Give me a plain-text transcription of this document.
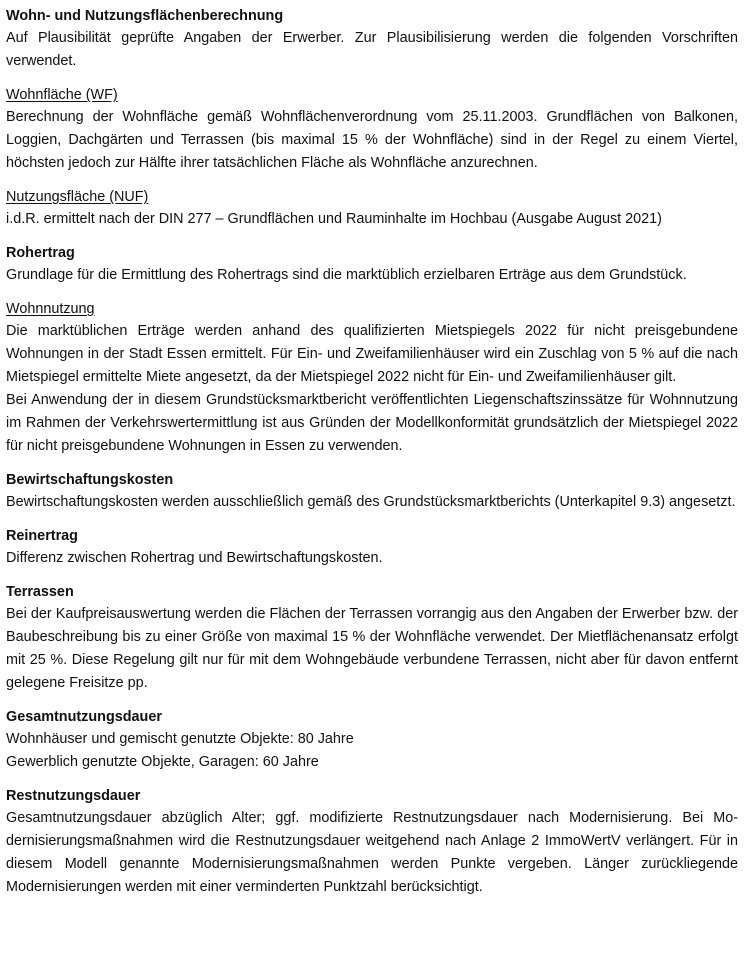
Wohn- und Nutzungsflächenberechnung

Auf Plausibilität geprüfte Angaben der Erwerber. Zur Plausibilisierung werden die folgenden Vorschriften verwendet.

Wohnfläche (WF)

Berechnung der Wohnfläche gemäß Wohnflächenverordnung vom 25.11.2003. Grundflächen von Balkonen, Loggien, Dachgärten und Terrassen (bis maximal 15 % der Wohnfläche) sind in der Regel zu einem Viertel, höchsten jedoch zur Hälfte ihrer tatsächlichen Fläche als Wohnfläche anzurechnen.

Nutzungsfläche (NUF)

i.d.R. ermittelt nach der DIN 277 – Grundflächen und Rauminhalte im Hochbau (Ausgabe August 2021)

Rohertrag

Grundlage für die Ermittlung des Rohertrags sind die marktüblich erzielbaren Erträge aus dem Grundstück.

Wohnnutzung

Die marktüblichen Erträge werden anhand des qualifizierten Mietspiegels 2022 für nicht preisgebundene Wohnungen in der Stadt Essen ermittelt. Für Ein- und Zweifamilienhäuser wird ein Zuschlag von 5 % auf die nach Mietspiegel ermittelte Miete angesetzt, da der Mietspiegel 2022 nicht für Ein- und Zweifamilienhäuser gilt.

Bei Anwendung der in diesem Grundstücksmarktbericht veröffentlichten Liegenschaftszinssätze für Wohnnutzung im Rahmen der Verkehrswertermittlung ist aus Gründen der Modellkonformität grundsätzlich der Mietspiegel 2022 für nicht preisgebundene Wohnungen in Essen zu verwenden.

Bewirtschaftungskosten

Bewirtschaftungskosten werden ausschließlich gemäß des Grundstücksmarktberichts (Unterkapitel 9.3) angesetzt.

Reinertrag

Differenz zwischen Rohertrag und Bewirtschaftungskosten.

Terrassen

Bei der Kaufpreisauswertung werden die Flächen der Terrassen vorrangig aus den Angaben der Erwerber bzw. der Baubeschreibung bis zu einer Größe von maximal 15 % der Wohnfläche verwendet. Der Mietflächenansatz erfolgt mit 25 %. Diese Regelung gilt nur für mit dem Wohngebäude verbundene Terrassen, nicht aber für davon entfernt gelegene Freisitze pp.

Gesamtnutzungsdauer

Wohnhäuser und gemischt genutzte Objekte: 80 Jahre

Gewerblich genutzte Objekte, Garagen: 60 Jahre

Restnutzungsdauer

Gesamtnutzungsdauer abzüglich Alter; ggf. modifizierte Restnutzungsdauer nach Modernisierung. Bei Modernisierungsmaßnahmen wird die Restnutzungsdauer weitgehend nach Anlage 2 ImmoWertV verlängert. Für in diesem Modell genannte Modernisierungsmaßnahmen werden Punkte vergeben. Länger zurückliegende Modernisierungen werden mit einer verminderten Punktzahl berücksichtigt.
